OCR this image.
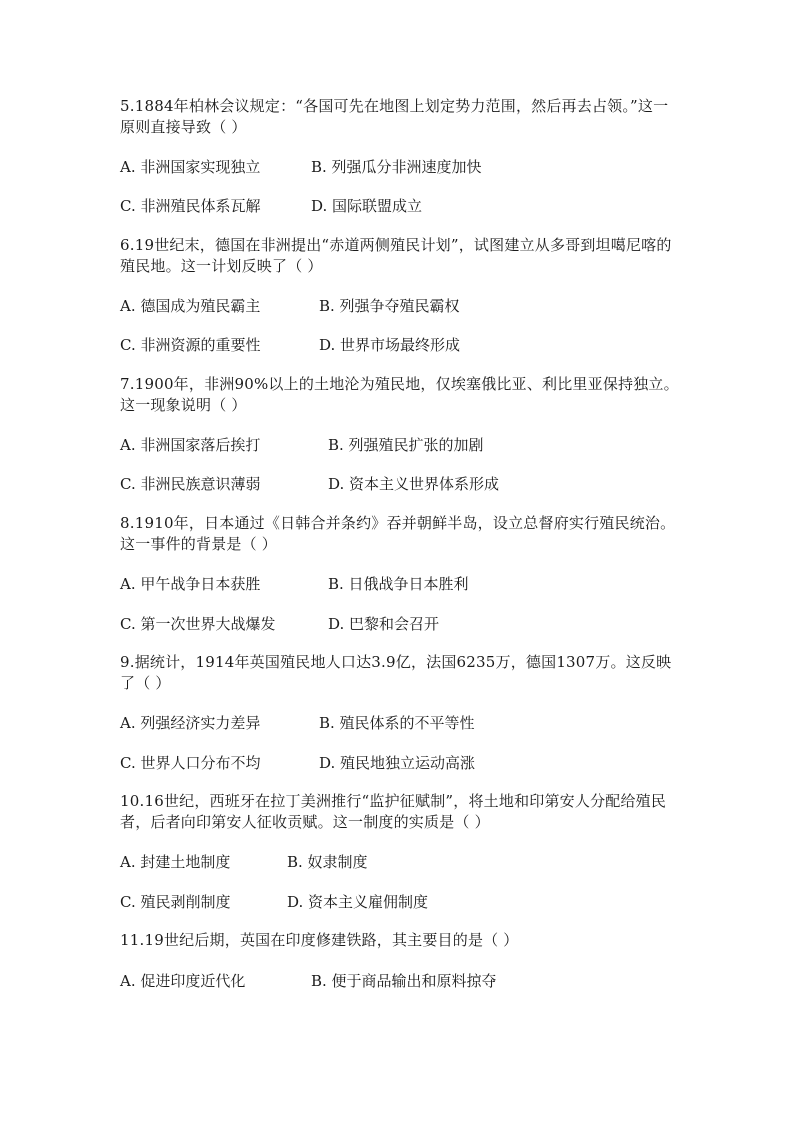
5.1884年柏林会议规定：“各国可先在地图上划定势力范围，然后再去占领。”这一原则直接导致（ ）
A. 非洲国家实现独立	B. 列强瓜分非洲速度加快
C. 非洲殖民体系瓦解	D. 国际联盟成立
6.19世纪末，德国在非洲提出“赤道两侧殖民计划”，试图建立从多哥到坦噶尼喀的殖民地。这一计划反映了（ ）
A. 德国成为殖民霸主	B. 列强争夺殖民霸权
C. 非洲资源的重要性	D. 世界市场最终形成
7.1900年，非洲90%以上的土地沦为殖民地，仅埃塞俄比亚、利比里亚保持独立。这一现象说明（ ）
A. 非洲国家落后挨打	B. 列强殖民扩张的加剧
C. 非洲民族意识薄弱	D. 资本主义世界体系形成
8.1910年，日本通过《日韩合并条约》吞并朝鲜半岛，设立总督府实行殖民统治。这一事件的背景是（ ）
A. 甲午战争日本获胜	B. 日俄战争日本胜利
C. 第一次世界大战爆发	D. 巴黎和会召开
9.据统计，1914年英国殖民地人口达3.9亿，法国6235万，德国1307万。这反映了（ ）
A. 列强经济实力差异	B. 殖民体系的不平等性
C. 世界人口分布不均	D. 殖民地独立运动高涨
10.16世纪，西班牙在拉丁美洲推行“监护征赋制”，将土地和印第安人分配给殖民者，后者向印第安人征收贡赋。这一制度的实质是（ ）
A. 封建土地制度	B. 奴隶制度
C. 殖民剥削制度	D. 资本主义雇佣制度
11.19世纪后期，英国在印度修建铁路，其主要目的是（ ）
A. 促进印度近代化	B. 便于商品输出和原料掠夺
